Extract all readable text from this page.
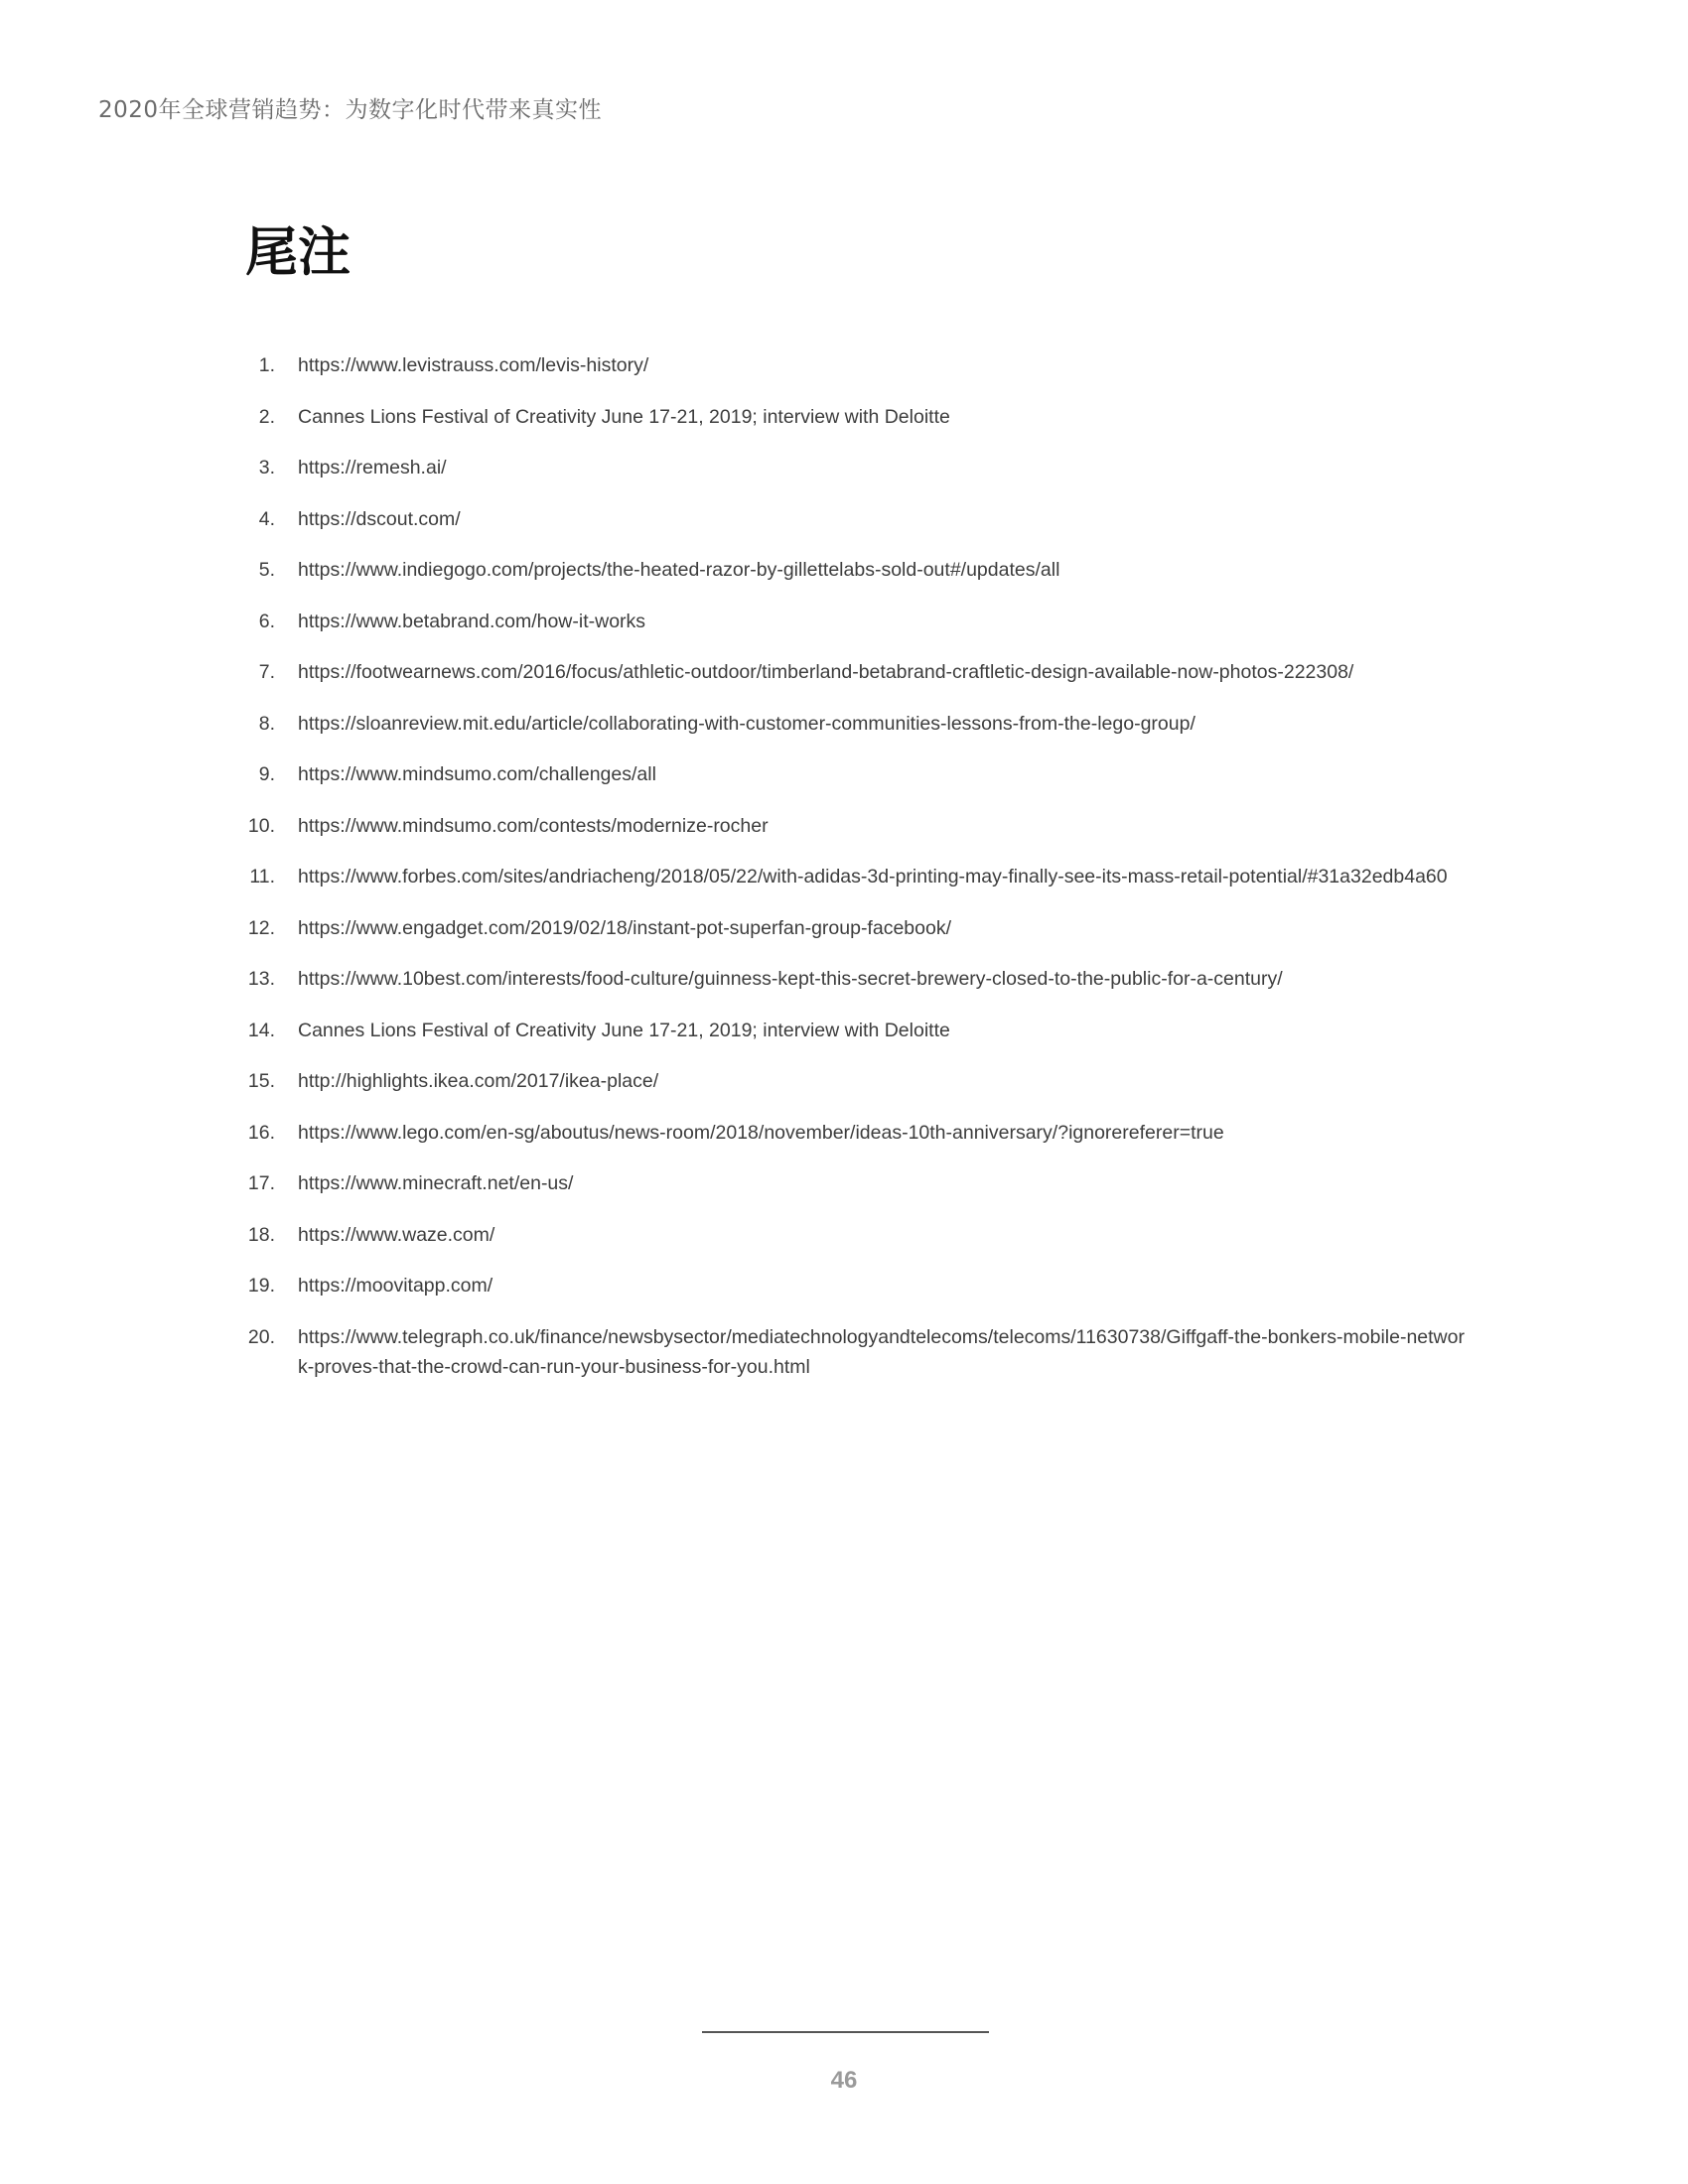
2020年全球营销趋势：为数字化时代带来真实性
尾注
1. https://www.levistrauss.com/levis-history/
2. Cannes Lions Festival of Creativity June 17-21, 2019; interview with Deloitte
3. https://remesh.ai/
4. https://dscout.com/
5. https://www.indiegogo.com/projects/the-heated-razor-by-gillettelabs-sold-out#/updates/all
6. https://www.betabrand.com/how-it-works
7. https://footwearnews.com/2016/focus/athletic-outdoor/timberland-betabrand-craftletic-design-available-now-photos-222308/
8. https://sloanreview.mit.edu/article/collaborating-with-customer-communities-lessons-from-the-lego-group/
9. https://www.mindsumo.com/challenges/all
10. https://www.mindsumo.com/contests/modernize-rocher
11. https://www.forbes.com/sites/andriacheng/2018/05/22/with-adidas-3d-printing-may-finally-see-its-mass-retail-potential/#31a32edb4a60
12. https://www.engadget.com/2019/02/18/instant-pot-superfan-group-facebook/
13. https://www.10best.com/interests/food-culture/guinness-kept-this-secret-brewery-closed-to-the-public-for-a-century/
14. Cannes Lions Festival of Creativity June 17-21, 2019; interview with Deloitte
15. http://highlights.ikea.com/2017/ikea-place/
16. https://www.lego.com/en-sg/aboutus/news-room/2018/november/ideas-10th-anniversary/?ignorereferer=true
17. https://www.minecraft.net/en-us/
18. https://www.waze.com/
19. https://moovitapp.com/
20. https://www.telegraph.co.uk/finance/newsbysector/mediatechnologyandtelecoms/telecoms/11630738/Giffgaff-the-bonkers-mobile-network-proves-that-the-crowd-can-run-your-business-for-you.html
46
